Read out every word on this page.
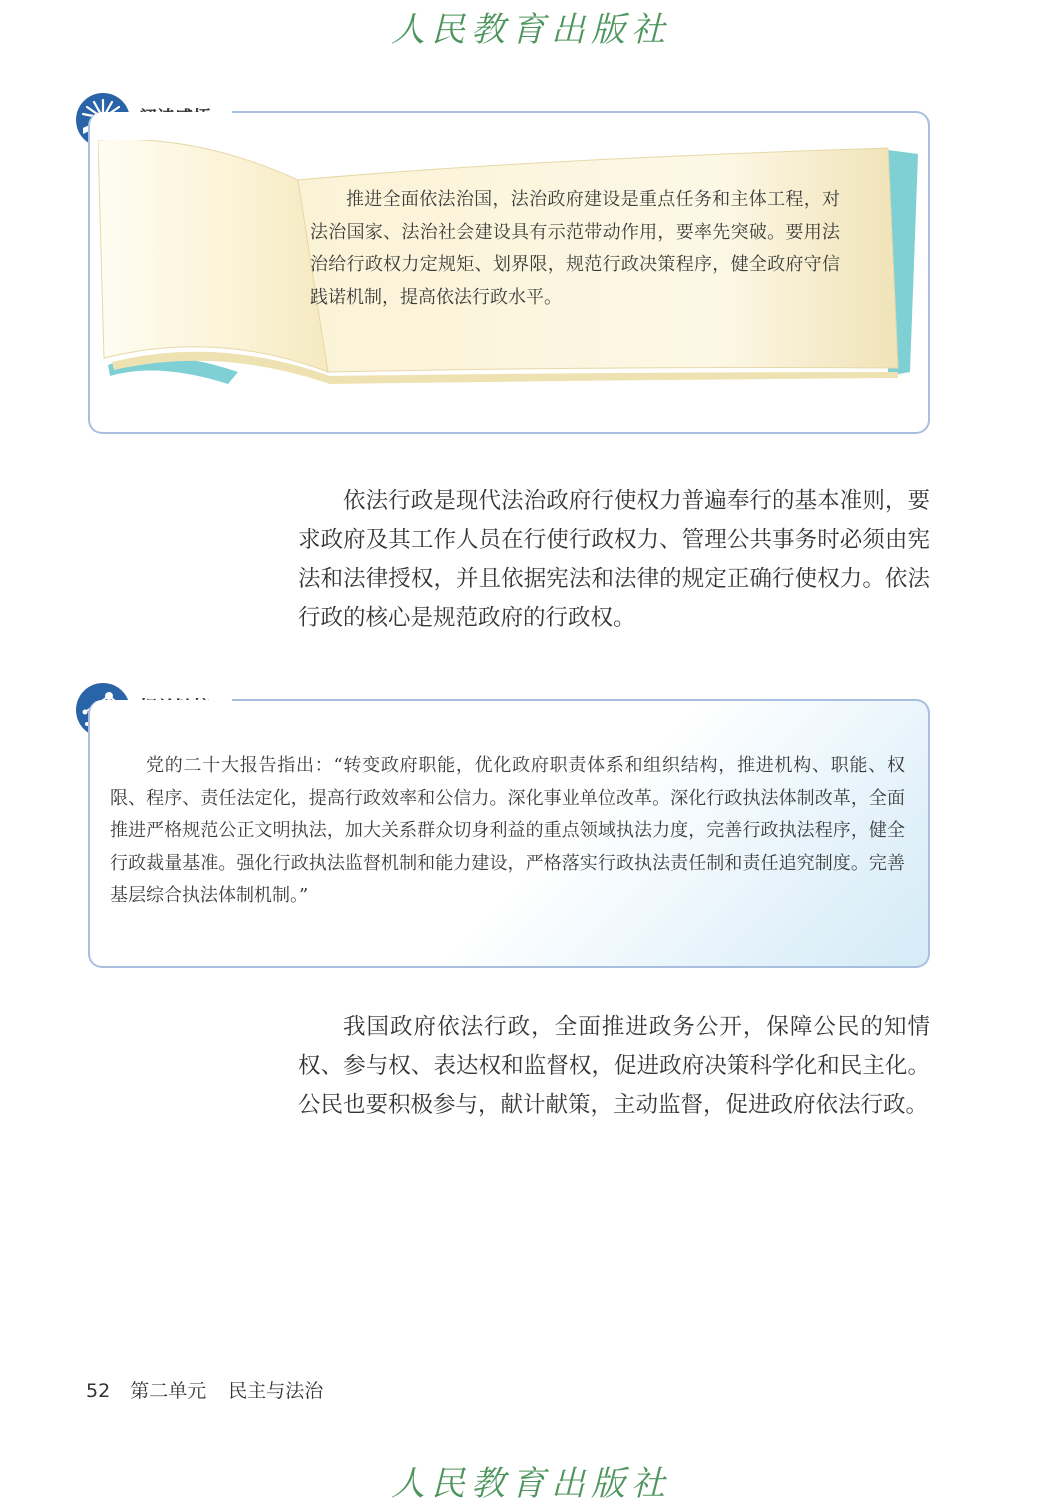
人民教育出版社

推进全面依法治国，法治政府建设是重点任务和主体工程，对法治国家、法治社会建设具有示范带动作用，要率先突破。要用法治给行政权力定规矩、划界限，规范行政决策程序，健全政府守信践诺机制，提高依法行政水平。

依法行政是现代法治政府行使权力普遍奉行的基本准则，要求政府及其工作人员在行使行政权力、管理公共事务时必须由宪法和法律授权，并且依据宪法和法律的规定正确行使权力。依法行政的核心是规范政府的行政权。

党的二十大报告指出：“转变政府职能，优化政府职责体系和组织结构，推进机构、职能、权限、程序、责任法定化，提高行政效率和公信力。深化事业单位改革。深化行政执法体制改革，全面推进严格规范公正文明执法，加大关系群众切身利益的重点领域执法力度，完善行政执法程序，健全行政裁量基准。强化行政执法监督机制和能力建设，严格落实行政执法责任制和责任追究制度。完善基层综合执法体制机制。”

我国政府依法行政，全面推进政务公开，保障公民的知情权、参与权、表达权和监督权，促进政府决策科学化和民主化。公民也要积极参与，献计献策，主动监督，促进政府依法行政。

52 第二单元 民主与法治
人民教育出版社
